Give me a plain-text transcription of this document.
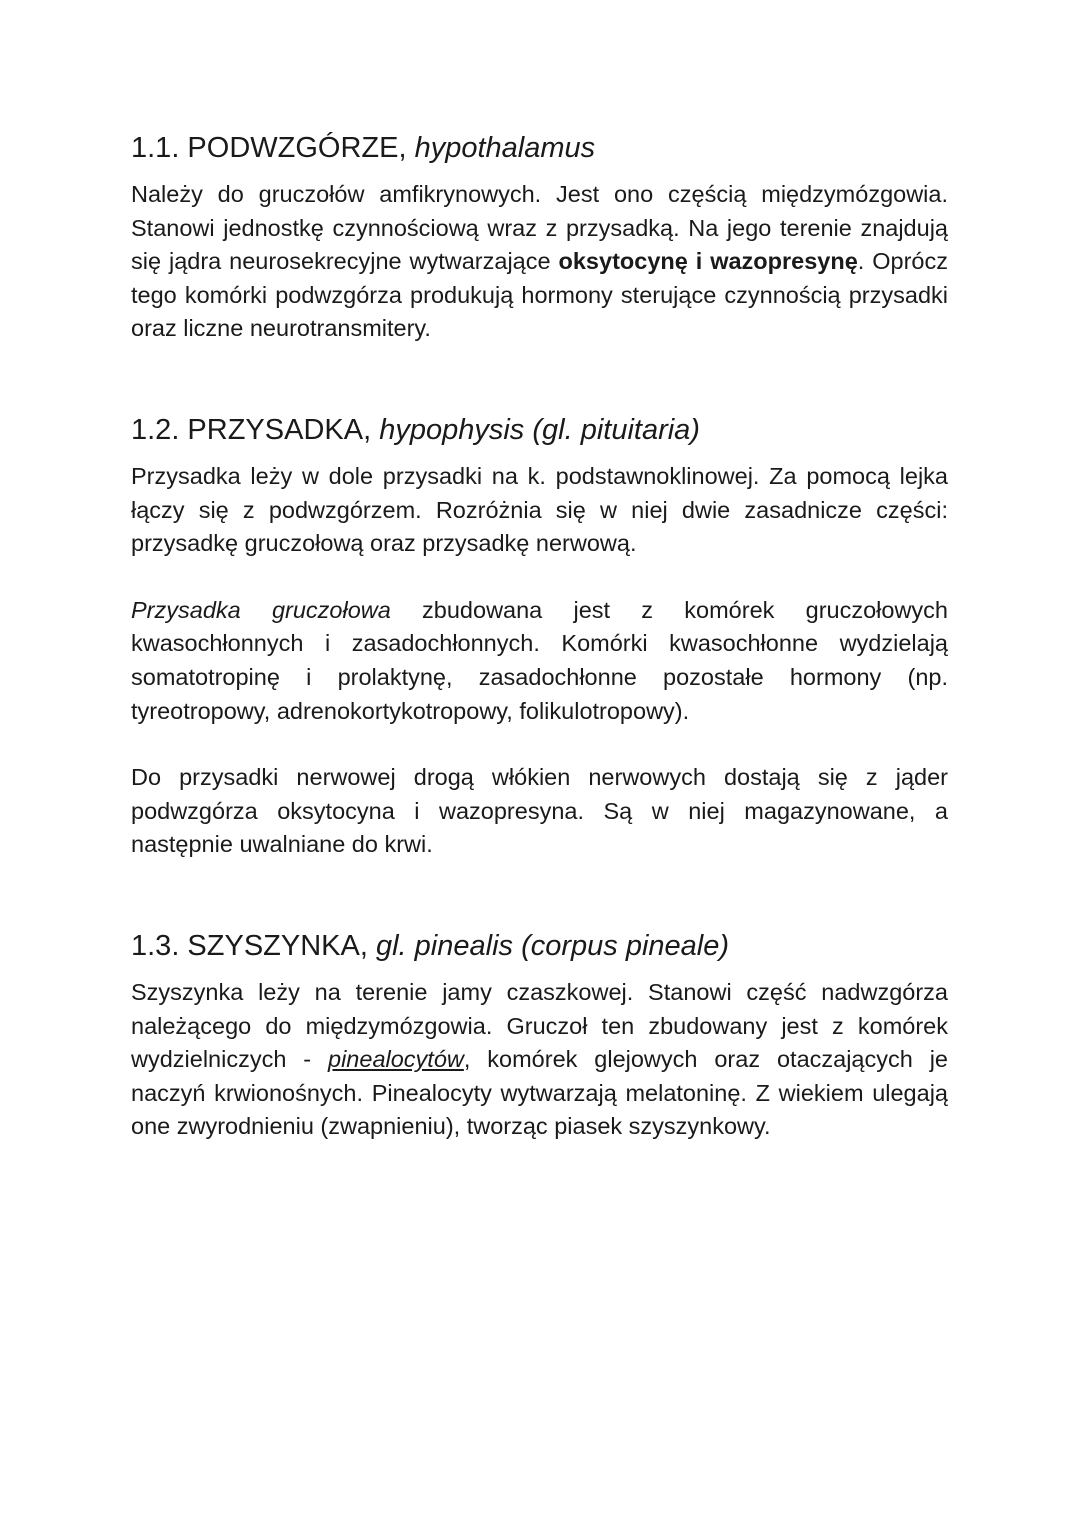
1.1. PODWZGÓRZE, hypothalamus

Należy do gruczołów amfikrynowych. Jest ono częścią międzymózgowia. Stanowi jednostkę czynnościową wraz z przysadką. Na jego terenie znajdują się jądra neurosekrecyjne wytwarzające oksytocynę i wazopresynę. Oprócz tego komórki podwzgórza produkują hormony sterujące czynnością przysadki oraz liczne neurotransmitery.

1.2. PRZYSADKA, hypophysis (gl. pituitaria)

Przysadka leży w dole przysadki na k. podstawnoklinowej. Za pomocą lejka łączy się z podwzgórzem. Rozróżnia się w niej dwie zasadnicze części: przysadkę gruczołową oraz przysadkę nerwową.

Przysadka gruczołowa zbudowana jest z komórek gruczołowych kwasochłonnych i zasadochłonnych. Komórki kwasochłonne wydzielają somatotropinę i prolaktynę, zasadochłonne pozostałe hormony (np. tyreotropowy, adrenokortykotropowy, folikulotropowy).

Do przysadki nerwowej drogą włókien nerwowych dostają się z jąder podwzgórza oksytocyna i wazopresyna. Są w niej magazynowane, a następnie uwalniane do krwi.

1.3. SZYSZYNKA, gl. pinealis (corpus pineale)

Szyszynka leży na terenie jamy czaszkowej. Stanowi część nadwzgórza należącego do międzymózgowia. Gruczoł ten zbudowany jest z komórek wydzielniczych - pinealocytów, komórek glejowych oraz otaczających je naczyń krwionośnych. Pinealocyty wytwarzają melatoninę. Z wiekiem ulegają one zwyrodnieniu (zwapnieniu), tworząc piasek szyszynkowy.
